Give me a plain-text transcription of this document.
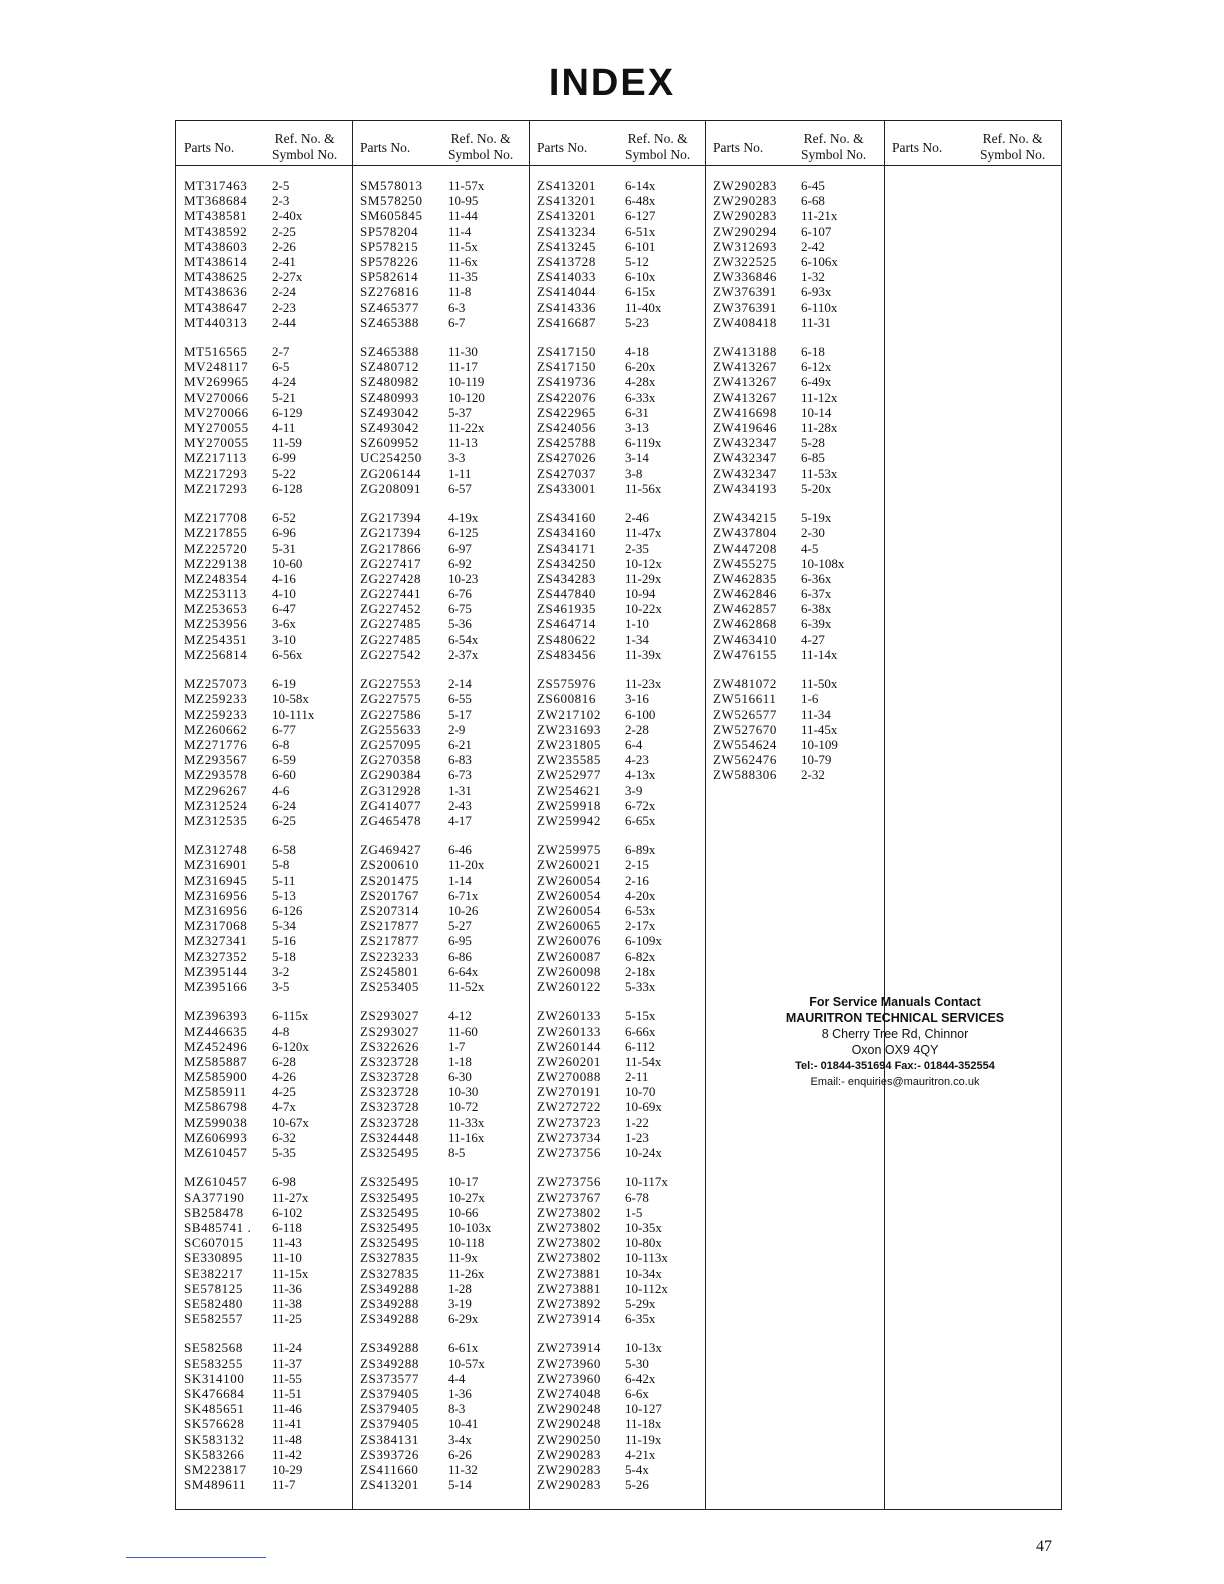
INDEX
Parts No.
Ref. No. &
Symbol No. Parts No.
Ref. No. &
Symbol No. Parts No.
Ref. No. &
Symbol No. Parts No.
Ref. No. &
Symbol No. Parts No.
Ref. No. &
Symbol No.
MT317463 2-5
MT368684 2-3
MT438581 2-40x
MT438592 2-25
MT438603 2-26
MT438614 2-41
MT438625 2-27x
MT438636 2-24
MT438647 2-23
MT440313 2-44
MT516565 2-7
MV248117 6-5
MV269965 4-24
MV270066 5-21
MV270066 6-129
MY270055 4-11
MY270055 11-59
MZ217113 6-99
MZ217293 5-22
MZ217293 6-128
MZ217708 6-52
MZ217855 6-96
MZ225720 5-31
MZ229138 10-60
MZ248354 4-16
MZ253113 4-10
MZ253653 6-47
MZ253956 3-6x
MZ254351 3-10
MZ256814 6-56x
MZ257073 6-19
MZ259233 10-58x
MZ259233 10-111x
MZ260662 6-77
MZ271776 6-8
MZ293567 6-59
MZ293578 6-60
MZ296267 4-6
MZ312524 6-24
MZ312535 6-25
MZ312748 6-58
MZ316901 5-8
MZ316945 5-11
MZ316956 5-13
MZ316956 6-126
MZ317068 5-34
MZ327341 5-16
MZ327352 5-18
MZ395144 3-2
MZ395166 3-5
MZ396393 6-115x
MZ446635 4-8
MZ452496 6-120x
MZ585887 6-28
MZ585900 4-26
MZ585911 4-25
MZ586798 4-7x
MZ599038 10-67x
MZ606993 6-32
MZ610457 5-35
MZ610457 6-98
SA377190 11-27x
SB258478 6-102
SB485741 . 6-118
SC607015 11-43
SE330895 11-10
SE382217 11-15x
SE578125 11-36
SE582480 11-38
SE582557 11-25
SE582568 11-24
SE583255 11-37
SK314100 11-55
SK476684 11-51
SK485651 11-46
SK576628 11-41
SK583132 11-48
SK583266 11-42
SM223817 10-29
SM489611 11-7
SM578013 11-57x
SM578250 10-95
SM605845 11-44
SP578204 11-4
SP578215 11-5x
SP578226 11-6x
SP582614 11-35
SZ276816 11-8
SZ465377 6-3
SZ465388 6-7
SZ465388 11-30
SZ480712 11-17
SZ480982 10-119
SZ480993 10-120
SZ493042 5-37
SZ493042 11-22x
SZ609952 11-13
UC254250 3-3
ZG206144 1-11
ZG208091 6-57
ZG217394 4-19x
ZG217394 6-125
ZG217866 6-97
ZG227417 6-92
ZG227428 10-23
ZG227441 6-76
ZG227452 6-75
ZG227485 5-36
ZG227485 6-54x
ZG227542 2-37x
ZG227553 2-14
ZG227575 6-55
ZG227586 5-17
ZG255633 2-9
ZG257095 6-21
ZG270358 6-83
ZG290384 6-73
ZG312928 1-31
ZG414077 2-43
ZG465478 4-17
ZG469427 6-46
ZS200610 11-20x
ZS201475 1-14
ZS201767 6-71x
ZS207314 10-26
ZS217877 5-27
ZS217877 6-95
ZS223233 6-86
ZS245801 6-64x
ZS253405 11-52x
ZS293027 4-12
ZS293027 11-60
ZS322626 1-7
ZS323728 1-18
ZS323728 6-30
ZS323728 10-30
ZS323728 10-72
ZS323728 11-33x
ZS324448 11-16x
ZS325495 8-5
ZS325495 10-17
ZS325495 10-27x
ZS325495 10-66
ZS325495 10-103x
ZS325495 10-118
ZS327835 11-9x
ZS327835 11-26x
ZS349288 1-28
ZS349288 3-19
ZS349288 6-29x
ZS349288 6-61x
ZS349288 10-57x
ZS373577 4-4
ZS379405 1-36
ZS379405 8-3
ZS379405 10-41
ZS384131 3-4x
ZS393726 6-26
ZS411660 11-32
ZS413201 5-14
ZS413201 6-14x
ZS413201 6-48x
ZS413201 6-127
ZS413234 6-51x
ZS413245 6-101
ZS413728 5-12
ZS414033 6-10x
ZS414044 6-15x
ZS414336 11-40x
ZS416687 5-23
ZS417150 4-18
ZS417150 6-20x
ZS419736 4-28x
ZS422076 6-33x
ZS422965 6-31
ZS424056 3-13
ZS425788 6-119x
ZS427026 3-14
ZS427037 3-8
ZS433001 11-56x
ZS434160 2-46
ZS434160 11-47x
ZS434171 2-35
ZS434250 10-12x
ZS434283 11-29x
ZS447840 10-94
ZS461935 10-22x
ZS464714 1-10
ZS480622 1-34
ZS483456 11-39x
ZS575976 11-23x
ZS600816 3-16
ZW217102 6-100
ZW231693 2-28
ZW231805 6-4
ZW235585 4-23
ZW252977 4-13x
ZW254621 3-9
ZW259918 6-72x
ZW259942 6-65x
ZW259975 6-89x
ZW260021 2-15
ZW260054 2-16
ZW260054 4-20x
ZW260054 6-53x
ZW260065 2-17x
ZW260076 6-109x
ZW260087 6-82x
ZW260098 2-18x
ZW260122 5-33x
ZW260133 5-15x
ZW260133 6-66x
ZW260144 6-112
ZW260201 11-54x
ZW270088 2-11
ZW270191 10-70
ZW272722 10-69x
ZW273723 1-22
ZW273734 1-23
ZW273756 10-24x
ZW273756 10-117x
ZW273767 6-78
ZW273802 1-5
ZW273802 10-35x
ZW273802 10-80x
ZW273802 10-113x
ZW273881 10-34x
ZW273881 10-112x
ZW273892 5-29x
ZW273914 6-35x
ZW273914 10-13x
ZW273960 5-30
ZW273960 6-42x
ZW274048 6-6x
ZW290248 10-127
ZW290248 11-18x
ZW290250 11-19x
ZW290283 4-21x
ZW290283 5-4x
ZW290283 5-26
ZW290283 6-45
ZW290283 6-68
ZW290283 11-21x
ZW290294 6-107
ZW312693 2-42
ZW322525 6-106x
ZW336846 1-32
ZW376391 6-93x
ZW376391 6-110x
ZW408418 11-31
ZW413188 6-18
ZW413267 6-12x
ZW413267 6-49x
ZW413267 11-12x
ZW416698 10-14
ZW419646 11-28x
ZW432347 5-28
ZW432347 6-85
ZW432347 11-53x
ZW434193 5-20x
ZW434215 5-19x
ZW437804 2-30
ZW447208 4-5
ZW455275 10-108x
ZW462835 6-36x
ZW462846 6-37x
ZW462857 6-38x
ZW462868 6-39x
ZW463410 4-27
ZW476155 11-14x
ZW481072 11-50x
ZW516611 1-6
ZW526577 11-34
ZW527670 11-45x
ZW554624 10-109
ZW562476 10-79
ZW588306 2-32
For Service Manuals Contact
MAURITRON TECHNICAL SERVICES
8 Cherry Tree Rd, Chinnor
Oxon OX9 4QY
Tel:- 01844-351694 Fax:- 01844-352554
Email:- enquiries@mauritron.co.uk
47
